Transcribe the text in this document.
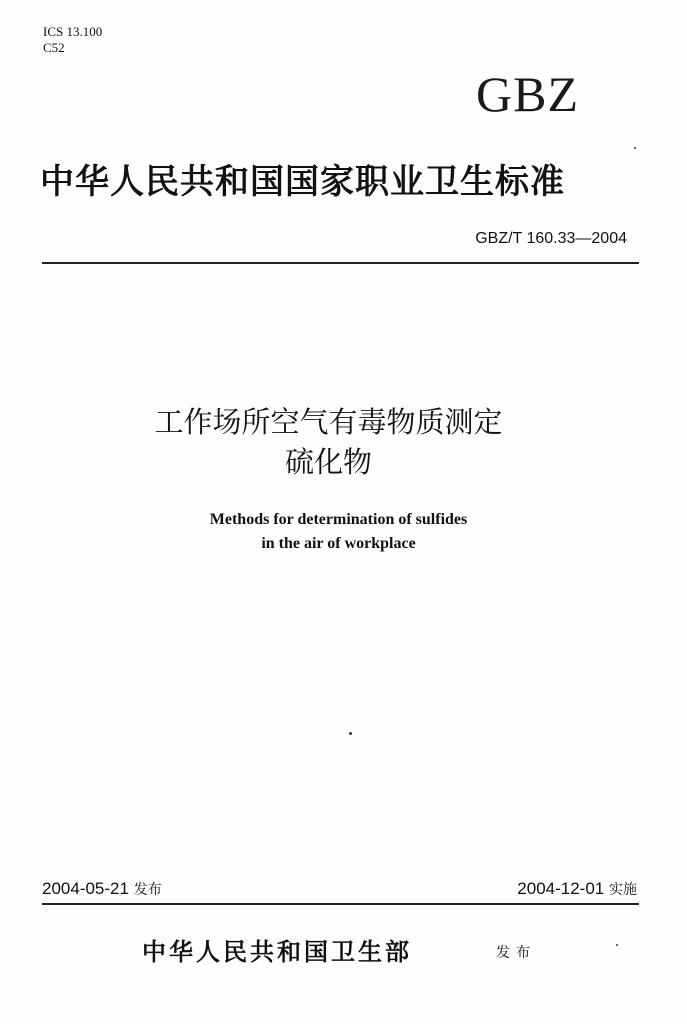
ICS 13.100
C52
GBZ
中华人民共和国国家职业卫生标准
GBZ/T 160.33—2004
工作场所空气有毒物质测定
硫化物
Methods for determination of sulfides
in the air of workplace
2004-05-21 发布	2004-12-01 实施
中华人民共和国卫生部	发布
